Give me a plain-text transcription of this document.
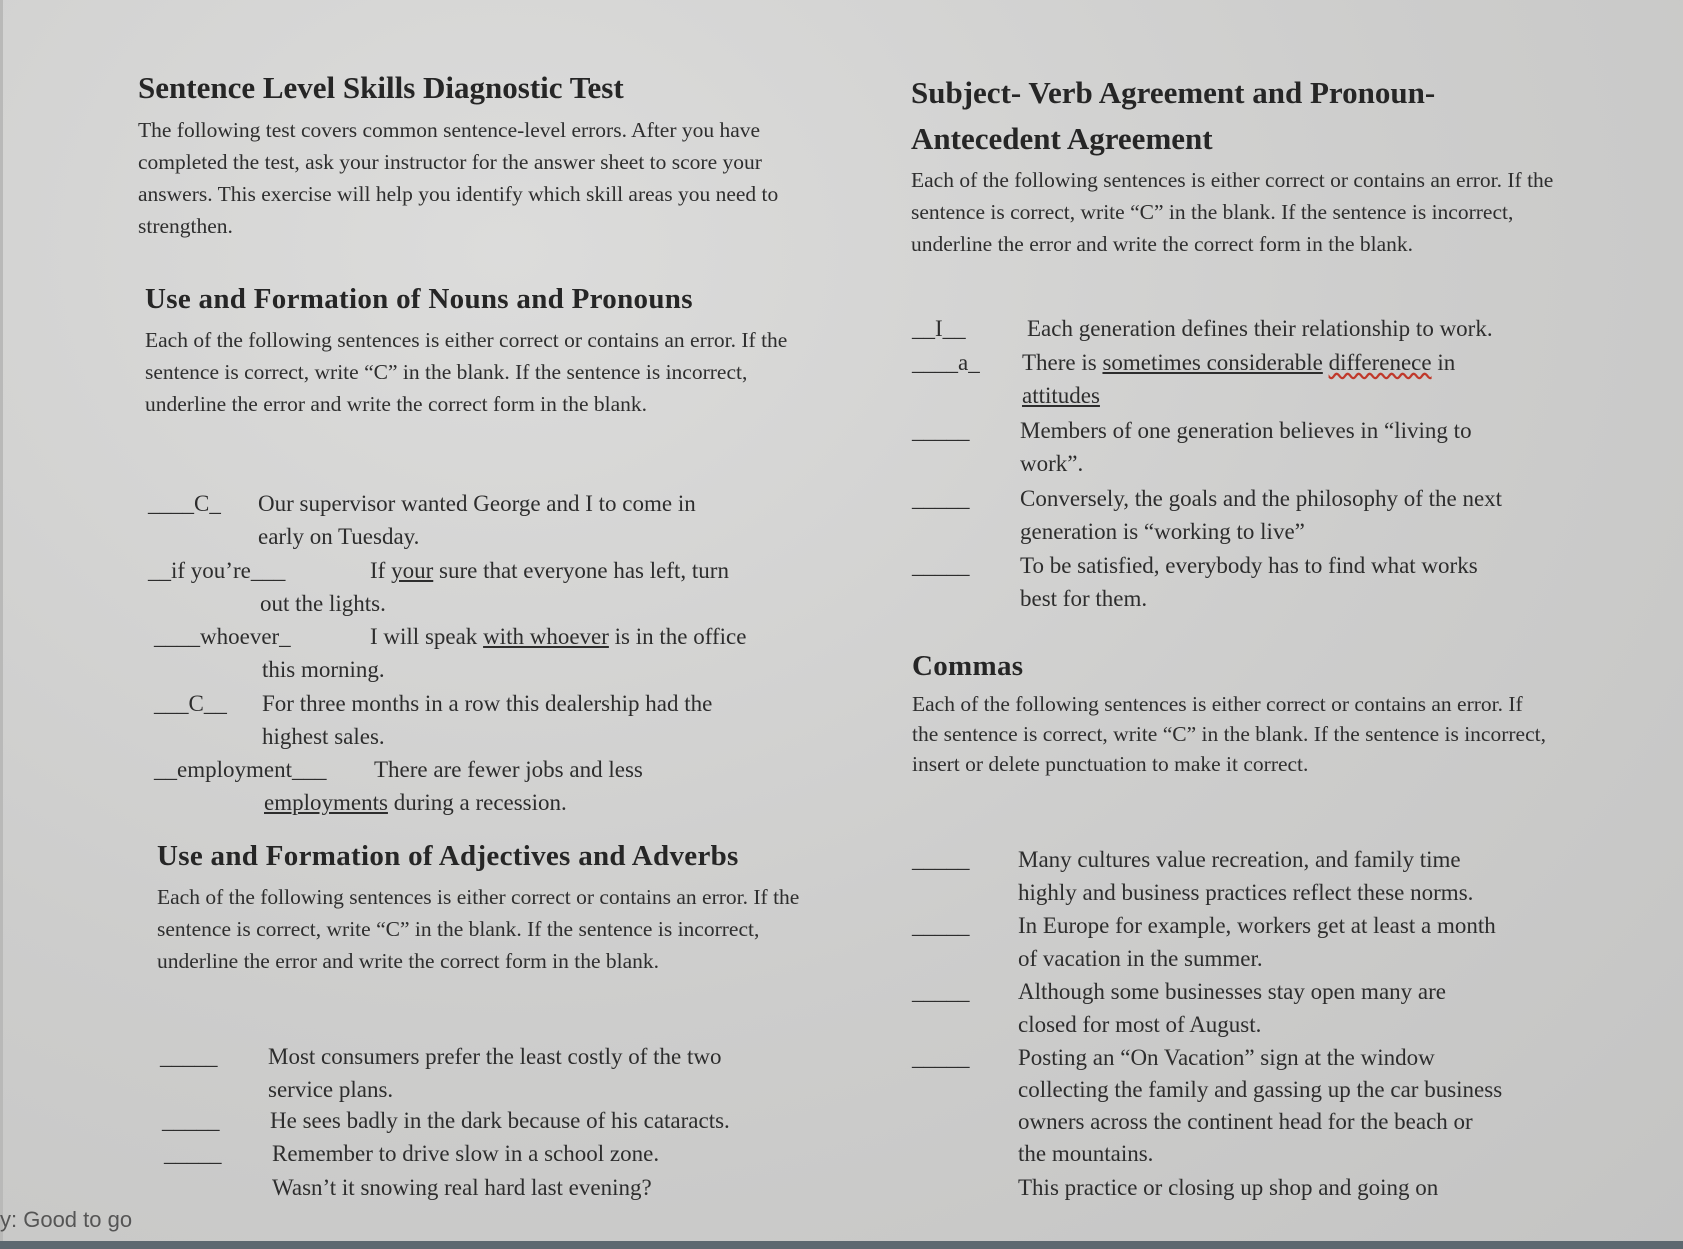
Sentence Level Skills Diagnostic Test

The following test covers common sentence-level errors. After you have completed the test, ask your instructor for the answer sheet to score your answers. This exercise will help you identify which skill areas you need to strengthen.

Use and Formation of Nouns and Pronouns

Each of the following sentences is either correct or contains an error. If the sentence is correct, write “C” in the blank. If the sentence is incorrect, underline the error and write the correct form in the blank.

____C_ Our supervisor wanted George and I to come in
early on Tuesday.
__if you’re___	If your sure that everyone has left, turn
out the lights.
____whoever_	I will speak with whoever is in the office
this morning.
___C__ For three months in a row this dealership had the
highest sales.
__employment___ There are fewer jobs and less
employments during a recession.
Use and Formation of Adjectives and Adverbs

Each of the following sentences is either correct or contains an error. If the sentence is correct, write “C” in the blank. If the sentence is incorrect, underline the error and write the correct form in the blank.

_____ Most consumers prefer the least costly of the two
service plans.
_____ He sees badly in the dark because of his cataracts.
_____ Remember to drive slow in a school zone.
Wasn’t it snowing real hard last evening?
Subject- Verb Agreement and Pronoun-
Antecedent Agreement

Each of the following sentences is either correct or contains an error. If the sentence is correct, write “C” in the blank. If the sentence is incorrect, underline the error and write the correct form in the blank.

__I__	Each generation defines their relationship to work.
____a_ There is sometimes considerable differenece in
attitudes
_____ Members of one generation believes in “living to
work”.
_____ Conversely, the goals and the philosophy of the next
generation is “working to live”
_____ To be satisfied, everybody has to find what works
best for them.
Commas

Each of the following sentences is either correct or contains an error. If the sentence is correct, write “C” in the blank. If the sentence is incorrect, insert or delete punctuation to make it correct.

_____ Many cultures value recreation, and family time
highly and business practices reflect these norms.
_____ In Europe for example, workers get at least a month
of vacation in the summer.
_____ Although some businesses stay open many are
closed for most of August.
_____ Posting an “On Vacation” sign at the window
collecting the family and gassing up the car business
owners across the continent head for the beach or
the mountains.
This practice or closing up shop and going on
y: Good to go
